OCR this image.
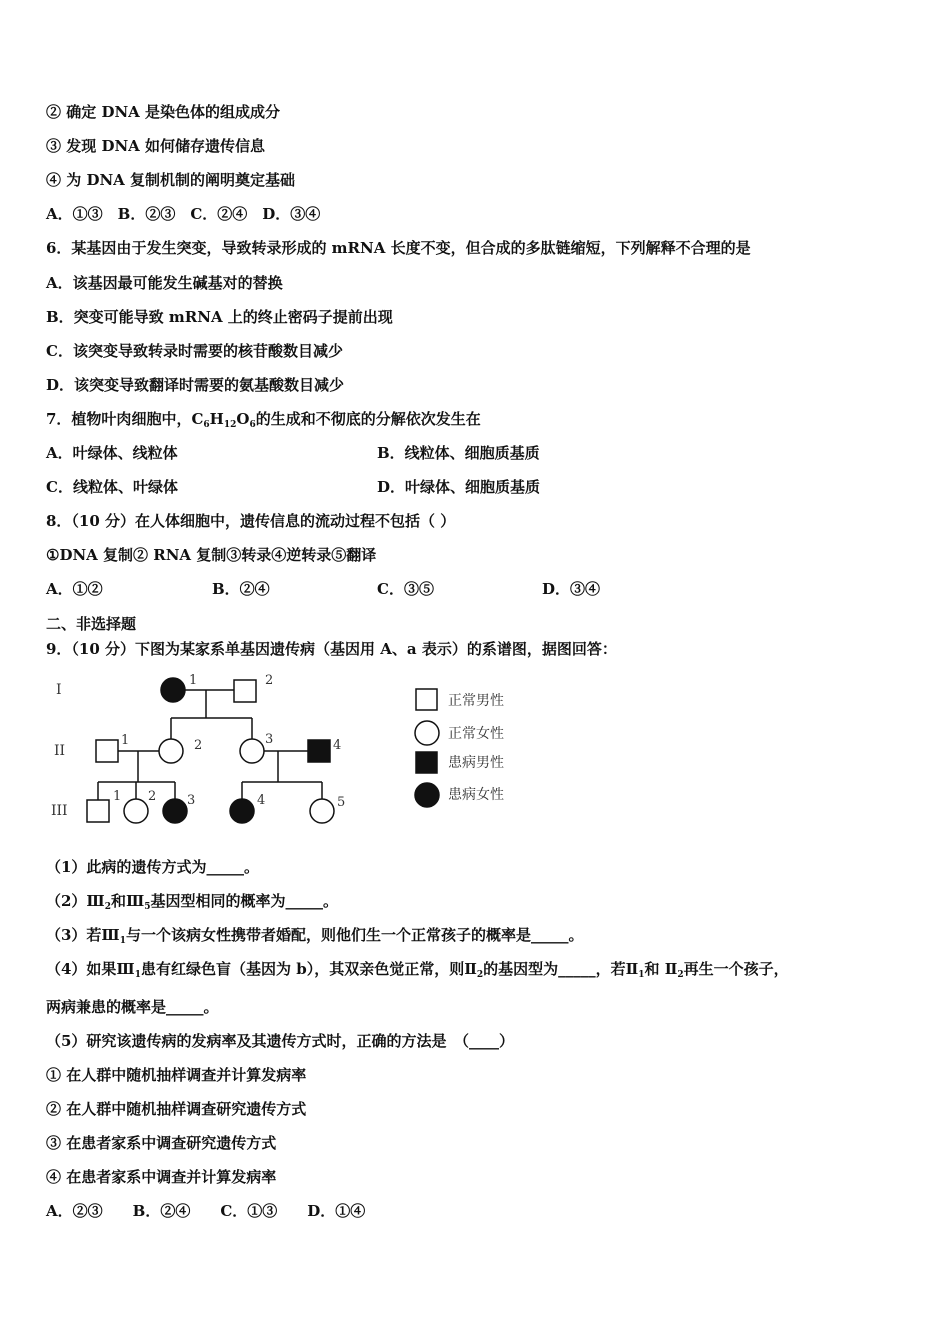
② 确定 DNA 是染色体的组成成分
③ 发现 DNA 如何储存遗传信息
④ 为 DNA 复制机制的阐明奠定基础
A．①③　B．②③　C．②④　D．③④
6．某基因由于发生突变，导致转录形成的 mRNA 长度不变，但合成的多肽链缩短，下列解释不合理的是
A．该基因最可能发生碱基对的替换
B．突变可能导致 mRNA 上的终止密码子提前出现
C．该突变导致转录时需要的核苷酸数目减少
D．该突变导致翻译时需要的氨基酸数目减少
7．植物叶肉细胞中，$C_6H_{12}O_6$的生成和不彻底的分解依次发生在
A．叶绿体、线粒体	B．线粒体、细胞质基质
C．线粒体、叶绿体	D．叶绿体、细胞质基质
8．（10 分）在人体细胞中，遗传信息的流动过程不包括（ ）
①DNA 复制② RNA 复制③转录④逆转录⑤翻译
A．①②	B．②④	C．③⑤	D．③④
二、非选择题
9．（10 分）下图为某家系单基因遗传病（基因用 A、a 表示）的系谱图，据图回答：
I
II
III
1	2
1	2	3	4
1 2 3	4	5
正常男性
正常女性
患病男性
患病女性
（1）此病的遗传方式为_____。
$(2)Ⅲ_2$和$Ⅲ_5$基因型相同的概率为_____。
（3）若$Ⅲ_1$与一个该病女性携带者婚配，则他们生一个正常孩子的概率是_____。
（4）如果$Ⅲ_1$患有红绿色盲（基因为 b），其双亲色觉正常，则$Ⅱ_2$的基因型为_____，若$Ⅱ_1$和 $Ⅱ_2$再生一个孩子，
两病兼患的概率是_____。
（5）研究该遗传病的发病率及其遗传方式时，正确的方法是　（____）
① 在人群中随机抽样调查并计算发病率
② 在人群中随机抽样调查研究遗传方式
③ 在患者家系中调查研究遗传方式
④ 在患者家系中调查并计算发病率
A．②③　　B．②④　　C．①③　　D．①④
